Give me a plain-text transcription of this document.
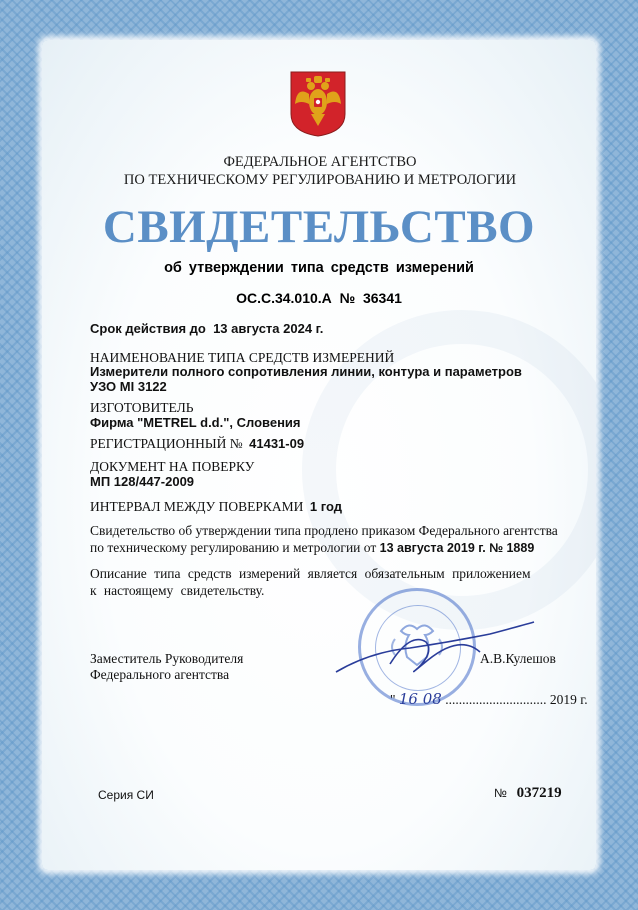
ФЕДЕРАЛЬНОЕ АГЕНТСТВО
ПО ТЕХНИЧЕСКОМУ РЕГУЛИРОВАНИЮ И МЕТРОЛОГИИ
СВИДЕТЕЛЬСТВО
об утверждении типа средств измерений
ОС.С.34.010.А № 36341
Срок действия до 13 августа 2024 г.
НАИМЕНОВАНИЕ ТИПА СРЕДСТВ ИЗМЕРЕНИЙ
Измерители полного сопротивления линии, контура и параметров
УЗО MI 3122
ИЗГОТОВИТЕЛЬ
Фирма "METREL d.d.", Словения
РЕГИСТРАЦИОННЫЙ № 41431-09
ДОКУМЕНТ НА ПОВЕРКУ
МП 128/447-2009
ИНТЕРВАЛ МЕЖДУ ПОВЕРКАМИ 1 год
Свидетельство об утверждении типа продлено приказом Федерального агентства
по техническому регулированию и метрологии от 13 августа 2019 г. № 1889
Описание типа средств измерений является обязательным приложением
к настоящему свидетельству.
Заместитель Руководителя
Федерального агентства
А.В.Кулешов
" 16 08 .............................. 2019 г.
Серия СИ	№ 037219
